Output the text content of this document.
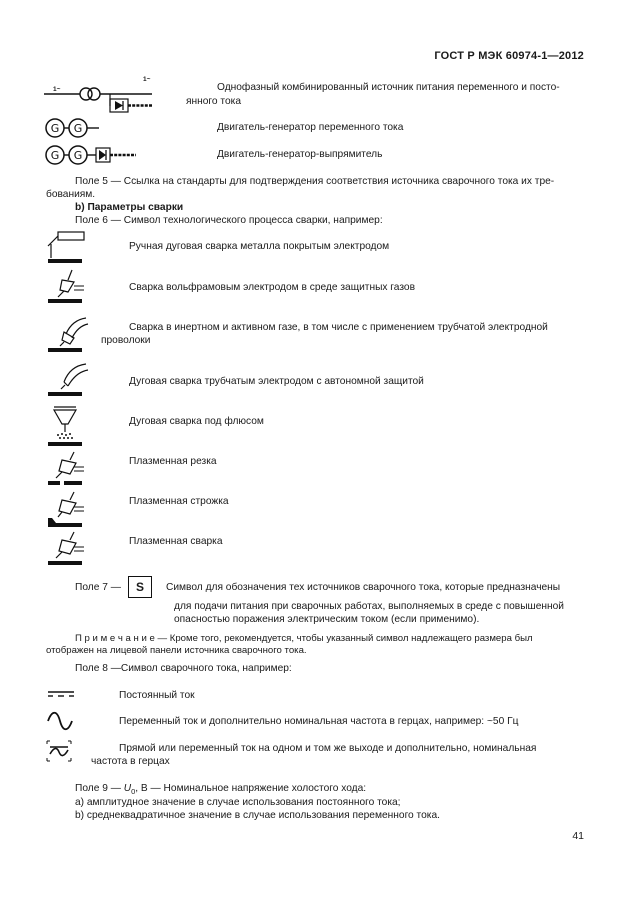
ГОСТ Р МЭК 60974-1—2012
1~
1~
Однофазный комбинированный источник питания переменного и посто-
янного тока
G G	Двигатель-генератор переменного тока
G G	Двигатель-генератор-выпрямитель
Поле 5 — Ссылка на стандарты для подтверждения соответствия источника сварочного тока их тре-
бованиям.
b) Параметры сварки
Поле 6 — Символ технологического процесса сварки, например:
Ручная дуговая сварка металла покрытым электродом
Сварка вольфрамовым электродом в среде защитных газов
Сварка в инертном и активном газе, в том числе с применением трубчатой электродной
проволоки
Дуговая сварка трубчатым электродом с автономной защитой
Дуговая сварка под флюсом
Плазменная резка
Плазменная строжка
Плазменная сварка
Поле 7 —	S	Символ для обозначения тех источников сварочного тока, которые предназначены
для подачи питания при сварочных работах, выполняемых в среде с повышенной
опасностью поражения электрическим током (если применимо).
П р и м е ч а н и е — Кроме того, рекомендуется, чтобы указанный символ надлежащего размера был
отображен на лицевой панели источника сварочного тока.
Поле 8 —Символ сварочного тока, например:
Постоянный ток
Переменный ток и дополнительно номинальная частота в герцах, например: ~50 Гц
Прямой или переменный ток на одном и том же выходе и дополнительно, номинальная
частота в герцах
Поле 9 — $U_0$, В — Номинальное напряжение холостого хода:
а) амплитудное значение в случае использования постоянного тока;
b) среднеквадратичное значение в случае использования переменного тока.
41
